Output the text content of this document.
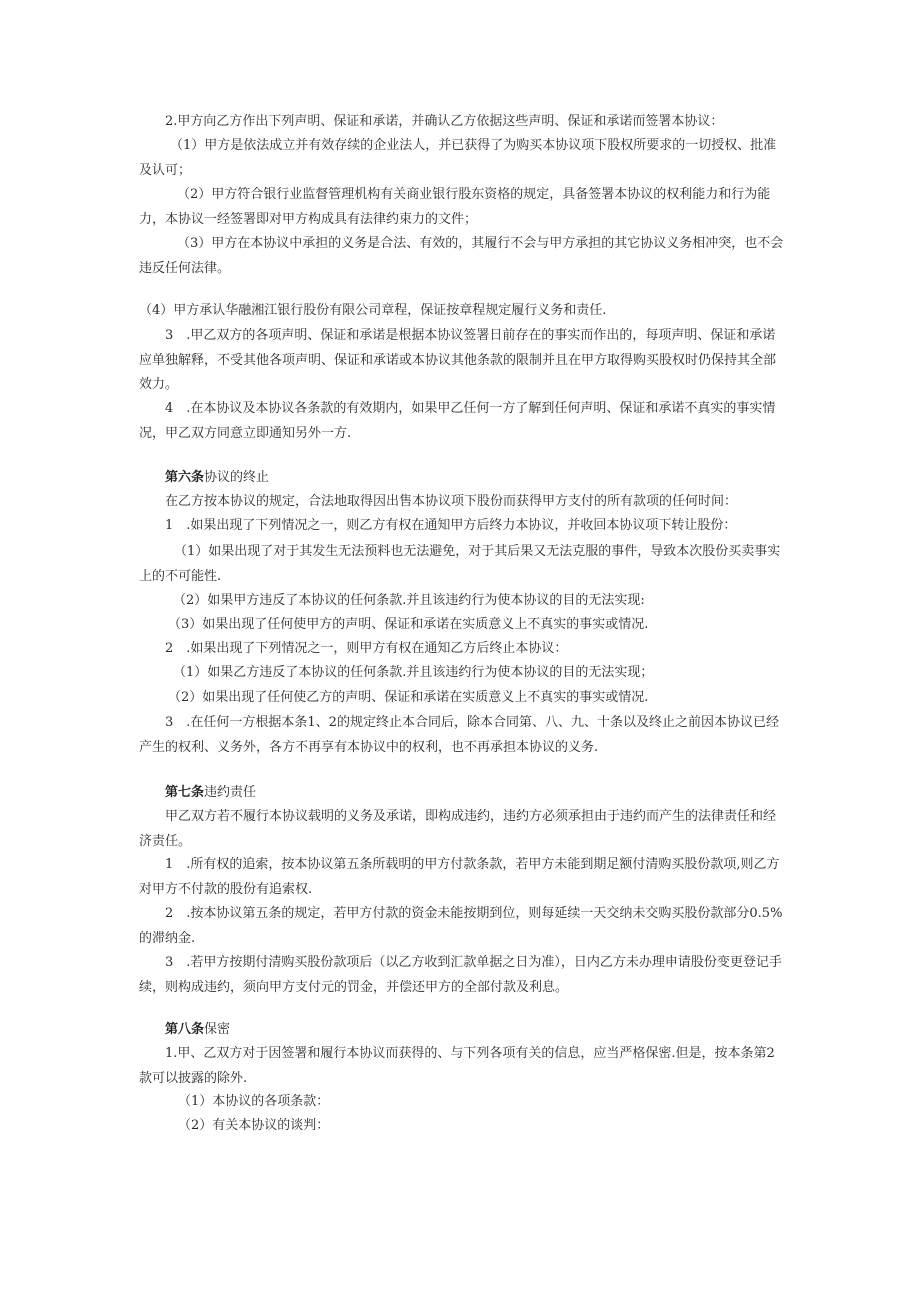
2.甲方向乙方作出下列声明、保证和承诺，并确认乙方依据这些声明、保证和承诺而签署本协议：

（1）甲方是依法成立并有效存续的企业法人，并已获得了为购买本协议项下股权所要求的一切授权、批准及认可；

（2）甲方符合银行业监督管理机构有关商业银行股东资格的规定，具备签署本协议的权利能力和行为能力，本协议一经签署即对甲方构成具有法律约束力的文件；

（3）甲方在本协议中承担的义务是合法、有效的，其履行不会与甲方承担的其它协议义务相冲突，也不会违反任何法律。

（4）甲方承认华融湘江银行股份有限公司章程，保证按章程规定履行义务和责任.

3　.甲乙双方的各项声明、保证和承诺是根据本协议签署日前存在的事实而作出的，每项声明、保证和承诺应单独解释，不受其他各项声明、保证和承诺或本协议其他条款的限制并且在甲方取得购买股权时仍保持其全部效力。

4　.在本协议及本协议各条款的有效期内，如果甲乙任何一方了解到任何声明、保证和承诺不真实的事实情况，甲乙双方同意立即通知另外一方.

第六条协议的终止

在乙方按本协议的规定，合法地取得因出售本协议项下股份而获得甲方支付的所有款项的任何时间：

1　.如果出现了下列情况之一，则乙方有权在通知甲方后终力本协议，并收回本协议项下转让股份：

（1）如果出现了对于其发生无法预料也无法避免，对于其后果又无法克服的事件，导致本次股份买卖事实上的不可能性.

（2）如果甲方违反了本协议的任何条款.并且该违约行为使本协议的目的无法实现:

（3）如果出现了任何使甲方的声明、保证和承诺在实质意义上不真实的事实或情况.

2　.如果出现了下列情况之一，则甲方有权在通知乙方后终止本协议：

（1）如果乙方违反了本协议的任何条款.并且该违约行为使本协议的目的无法实现；

（2）如果出现了任何使乙方的声明、保证和承诺在实质意义上不真实的事实或情况.

3　.在任何一方根据本条1、2的规定终止本合同后，除本合同第、八、九、十条以及终止之前因本协议已经产生的权利、义务外，各方不再享有本协议中的权利，也不再承担本协议的义务.

第七条违约责任

甲乙双方若不履行本协议载明的义务及承诺，即构成违约，违约方必须承担由于违约而产生的法律责任和经济责任。

1　.所有权的追索，按本协议第五条所载明的甲方付款条款，若甲方未能到期足额付清购买股份款项,则乙方对甲方不付款的股份有追索权.

2　.按本协议第五条的规定，若甲方付款的资金未能按期到位，则每延续一天交纳未交购买股份款部分0.5%的滞纳金.

3　.若甲方按期付清购买股份款项后（以乙方收到汇款单据之日为准），日内乙方未办理申请股份变更登记手续，则构成违约，须向甲方支付元的罚金，并偿还甲方的全部付款及利息。

第八条保密

1.甲、乙双方对于因签署和履行本协议而获得的、与下列各项有关的信息，应当严格保密.但是，按本条第2款可以披露的除外.

（1）本协议的各项条款：

（2）有关本协议的谈判：
